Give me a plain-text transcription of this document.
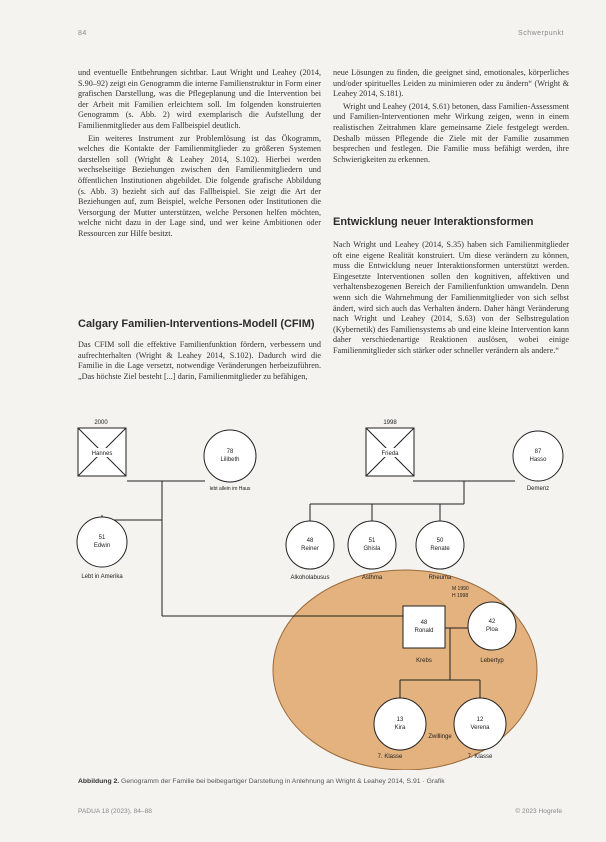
84	Schwerpunkt

und eventuelle Entbehrungen sichtbar. Laut Wright und Leahey (2014, S.90–92) zeigt ein Genogramm die interne Familienstruktur in Form einer grafischen Darstellung, was die Pflegeplanung und die Intervention bei der Arbeit mit Familien erleichtern soll. Im folgenden konstruierten Genogramm (s. Abb. 2) wird exemplarisch die Aufstellung der Familienmitglieder aus dem Fallbeispiel deutlich.

Ein weiteres Instrument zur Problemlösung ist das Ökogramm, welches die Kontakte der Familienmitglieder zu größeren Systemen darstellen soll (Wright & Leahey 2014, S.102). Hierbei werden wechselseitige Beziehungen zwischen den Familienmitgliedern und öffentlichen Institutionen abgebildet. Die folgende grafische Abbildung (s. Abb. 3) bezieht sich auf das Fallbeispiel. Sie zeigt die Art der Beziehungen auf, zum Beispiel, welche Personen oder Institutionen die Versorgung der Mutter unterstützen, welche Personen helfen möchten, welche nicht dazu in der Lage sind, und wer keine Ambitionen oder Ressourcen zur Hilfe besitzt.

Calgary Familien-Interventions-Modell (CFIM)

Das CFIM soll die effektive Familienfunktion fördern, verbessern und aufrechterhalten (Wright & Leahey 2014, S.102). Dadurch wird die Familie in die Lage versetzt, notwendige Veränderungen herbeizuführen. „Das höchste Ziel besteht [...] darin, Familienmitglieder zu befähigen,

neue Lösungen zu finden, die geeignet sind, emotionales, körperliches und/oder spirituelles Leiden zu minimieren oder zu ändern“ (Wright & Leahey 2014, S.181).

Wright und Leahey (2014, S.61) betonen, dass Familien-Assessment und Familien-Interventionen mehr Wirkung zeigen, wenn in einem realistischen Zeitrahmen klare gemeinsame Ziele festgelegt werden. Deshalb müssen Pflegende die Ziele mit der Familie zusammen besprechen und festlegen. Die Familie muss befähigt werden, ihre Schwierigkeiten zu erkennen.

Entwicklung neuer Interaktionsformen

Nach Wright und Leahey (2014, S.35) haben sich Familienmitglieder oft eine eigene Realität konstruiert. Um diese verändern zu können, muss die Entwicklung neuer Interaktionsformen unterstützt werden. Eingesetzte Interventionen sollen den kognitiven, affektiven und verhaltensbezogenen Bereich der Familienfunktion umwandeln. Denn wenn sich die Wahrnehmung der Familienmitglieder von sich selbst ändert, wird sich auch das Verhalten ändern. Daher hängt Veränderung nach Wright und Leahey (2014, S.63) von der Selbstregulation (Kybernetik) des Familiensystems ab und eine kleine Intervention kann daher verschiedenartige Reaktionen auslösen, wobei einige Familienmitglieder sich stärker oder schneller verändern als andere.“

2000
Hannes	78
Lilibeth
lebt allein im Haus
51
Edwin
Lebt in Amerika
1998
Frieda	87
Hasso
Demenz
48
Reiner
Alkoholabusus
51
Ghisla
Asthma
50
Renate
Rheuma
48
Ronald
Krebs
M 1990
H 1998
42
Ploa
Lebertyp
13
Kira
7. Klasse
12
Verena
7. Klasse
Zwillinge
Abbildung 2. Genogramm der Familie bei beibegartiger Darstellung in Anlehnung an Wright & Leahey 2014, S.91 · Grafik
PADUA 18 (2023), 84–88	© 2023 Hogrefe
